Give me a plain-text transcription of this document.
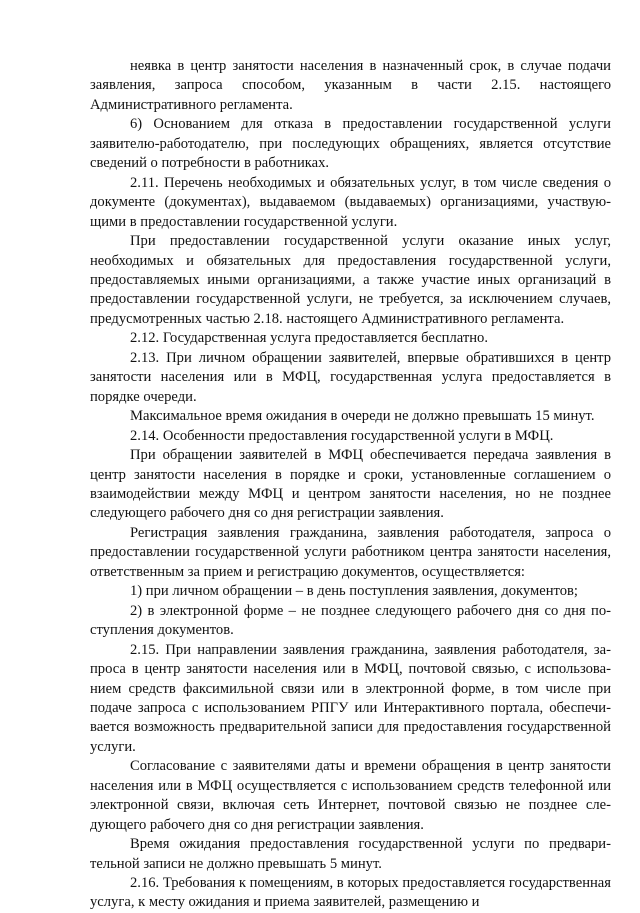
неявка в центр занятости населения в назначенный срок, в случае подачи заявления, запроса способом, указанным в части 2.15. настоящего Административного регламента.

6) Основанием для отказа в предоставлении государственной услуги заявителю-работодателю, при последующих обращениях, является отсутствие сведений о потребности в работниках.

2.11. Перечень необходимых и обязательных услуг, в том числе сведения о документе (документах), выдаваемом (выдаваемых) организациями, участвующими в предоставлении государственной услуги.

При предоставлении государственной услуги оказание иных услуг, необходимых и обязательных для предоставления государственной услуги, предоставляемых иными организациями, а также участие иных организаций в предоставлении государственной услуги, не требуется, за исключением случаев, предусмотренных частью 2.18. настоящего Административного регламента.

2.12. Государственная услуга предоставляется бесплатно.

2.13. При личном обращении заявителей, впервые обратившихся в центр занятости населения или в МФЦ, государственная услуга предоставляется в порядке очереди.

Максимальное время ожидания в очереди не должно превышать 15 минут.

2.14. Особенности предоставления государственной услуги в МФЦ.

При обращении заявителей в МФЦ обеспечивается передача заявления в центр занятости населения в порядке и сроки, установленные соглашением о взаимодействии между МФЦ и центром занятости населения, но не позднее следующего рабочего дня со дня регистрации заявления.

Регистрация заявления гражданина, заявления работодателя, запроса о предоставлении государственной услуги работником центра занятости населения, ответственным за прием и регистрацию документов, осуществляется:

1) при личном обращении – в день поступления заявления, документов;

2) в электронной форме – не позднее следующего рабочего дня со дня поступления документов.

2.15. При направлении заявления гражданина, заявления работодателя, запроса в центр занятости населения или в МФЦ, почтовой связью, с использованием средств факсимильной связи или в электронной форме, в том числе при подаче запроса с использованием РПГУ или Интерактивного портала, обеспечивается возможность предварительной записи для предоставления государственной услуги.

Согласование с заявителями даты и времени обращения в центр занятости населения или в МФЦ осуществляется с использованием средств телефонной или электронной связи, включая сеть Интернет, почтовой связью не позднее следующего рабочего дня со дня регистрации заявления.

Время ожидания предоставления государственной услуги по предварительной записи не должно превышать 5 минут.

2.16. Требования к помещениям, в которых предоставляется государственная услуга, к месту ожидания и приема заявителей, размещению и
